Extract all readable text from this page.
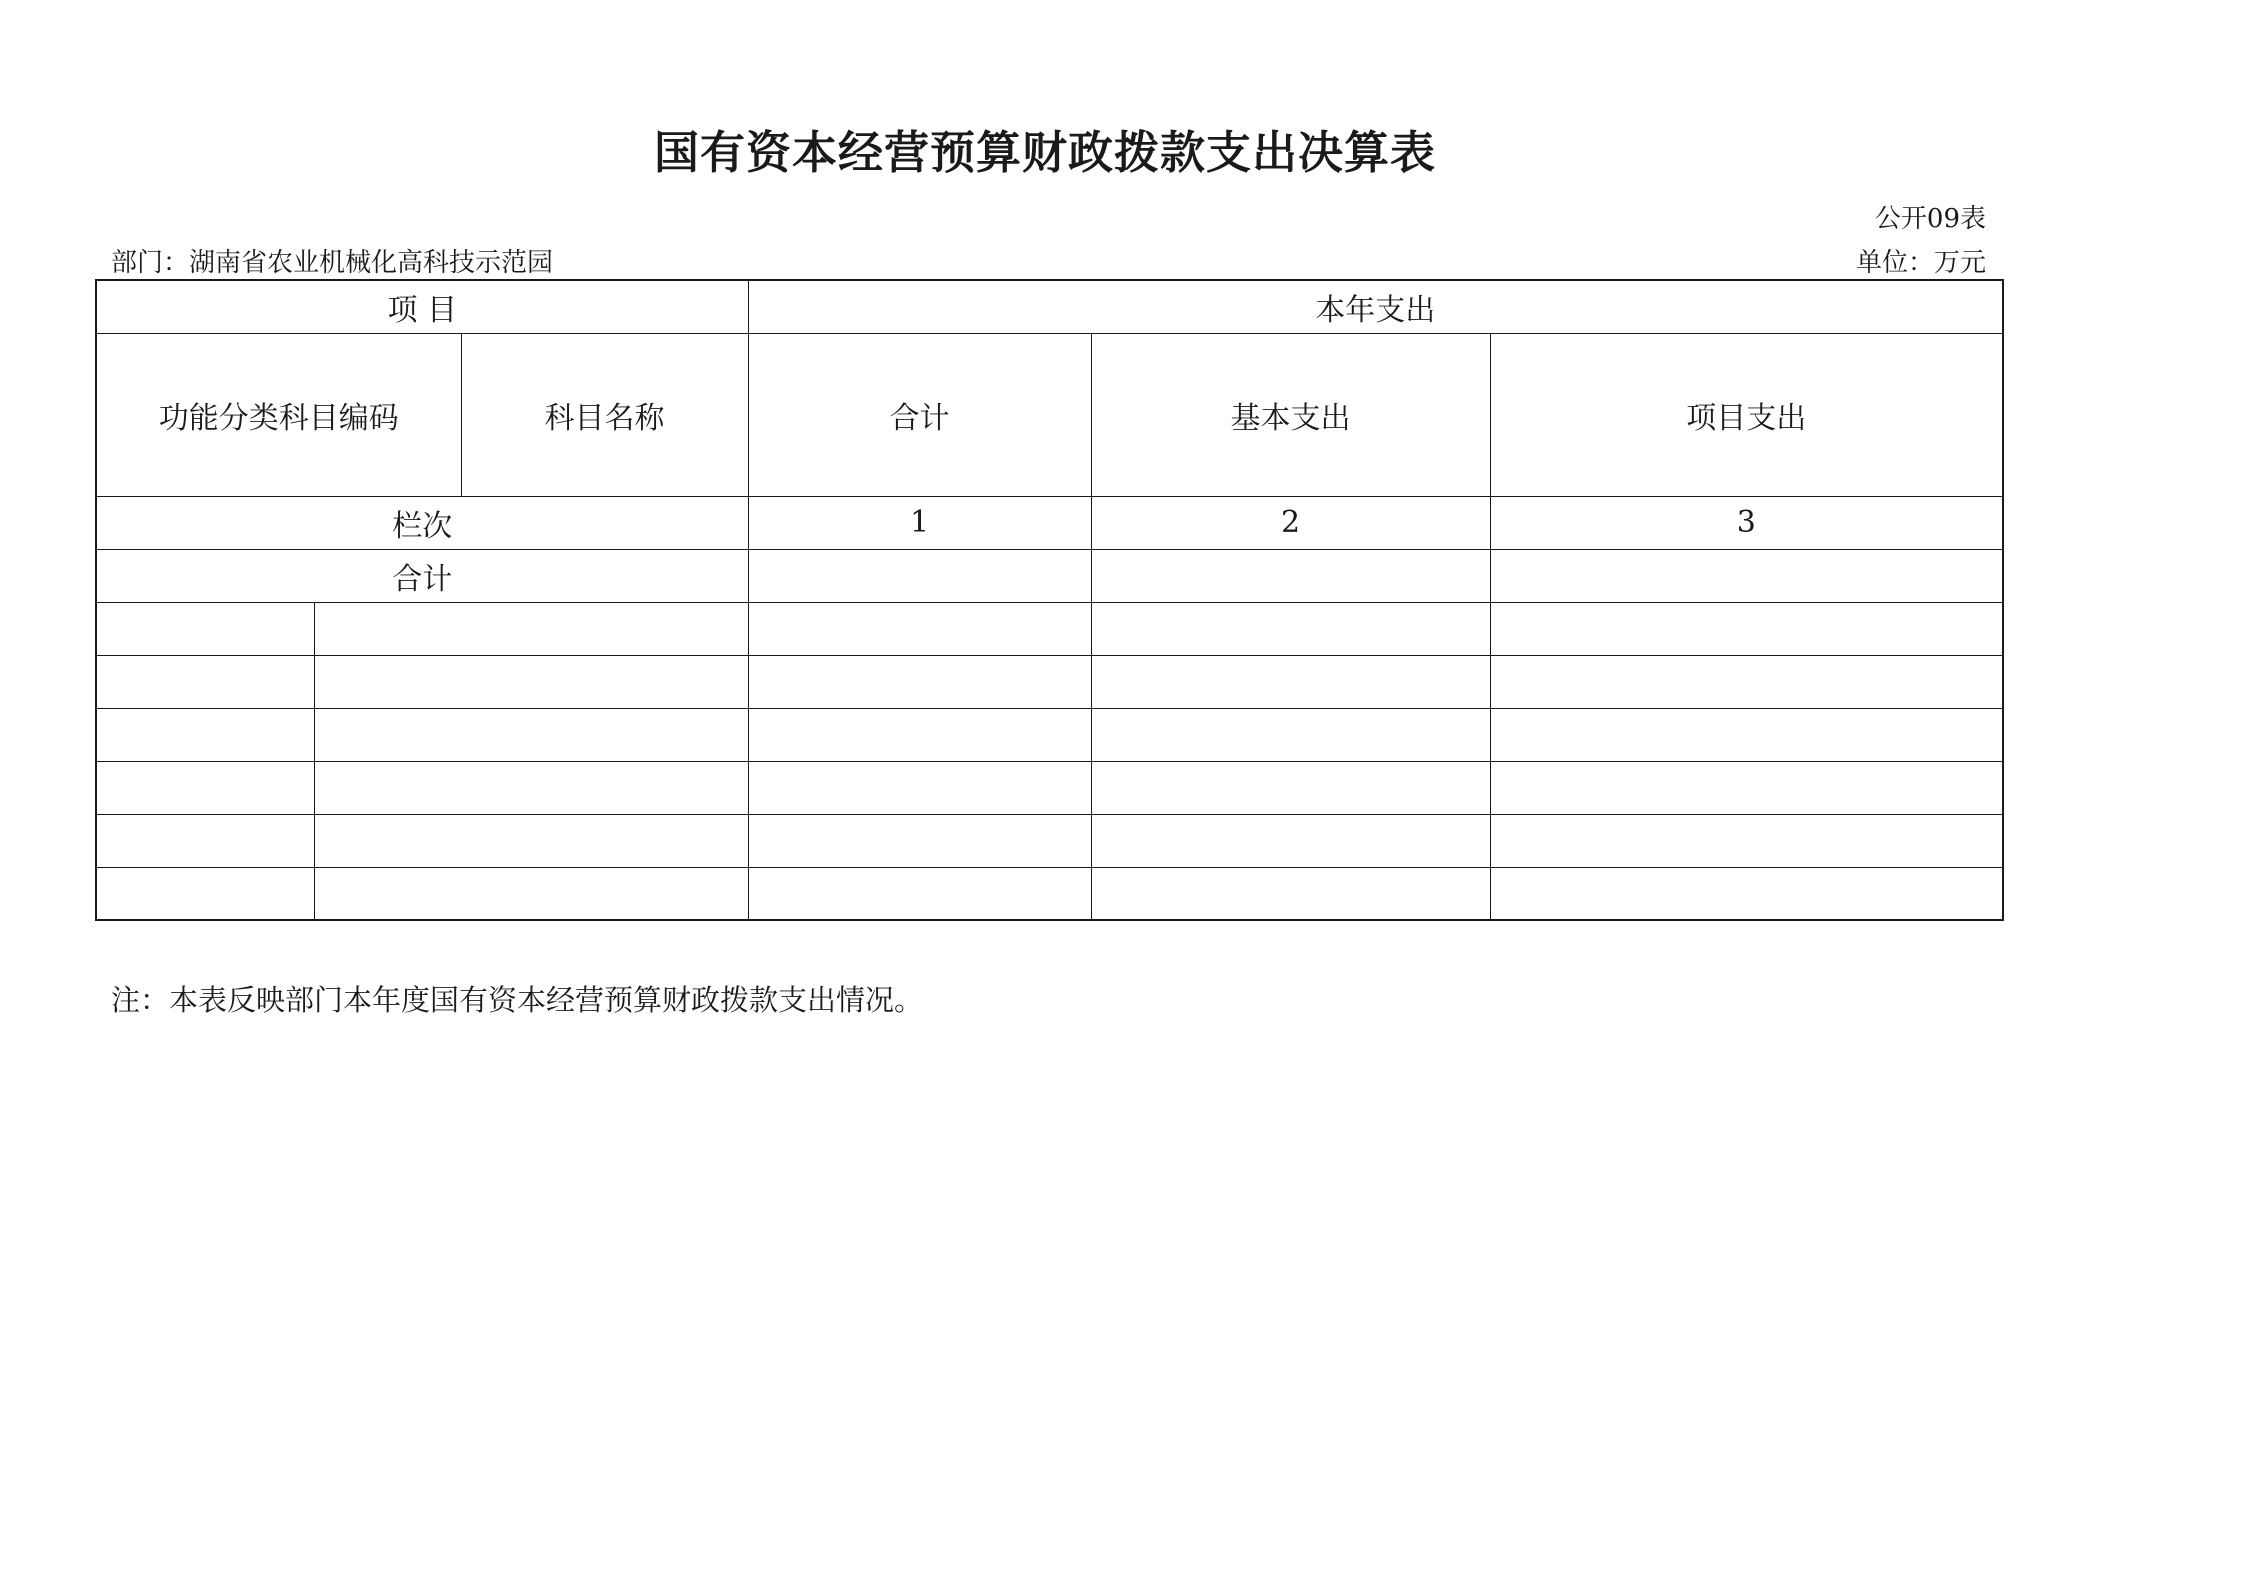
国有资本经营预算财政拨款支出决算表
公开09表
部门：湖南省农业机械化高科技示范园	单位：万元
项 目			本年支出		
功能分类科目编码		科目名称	合计	基本支出	项目支出
栏次			1	2	3
合计					

注：本表反映部门本年度国有资本经营预算财政拨款支出情况。
